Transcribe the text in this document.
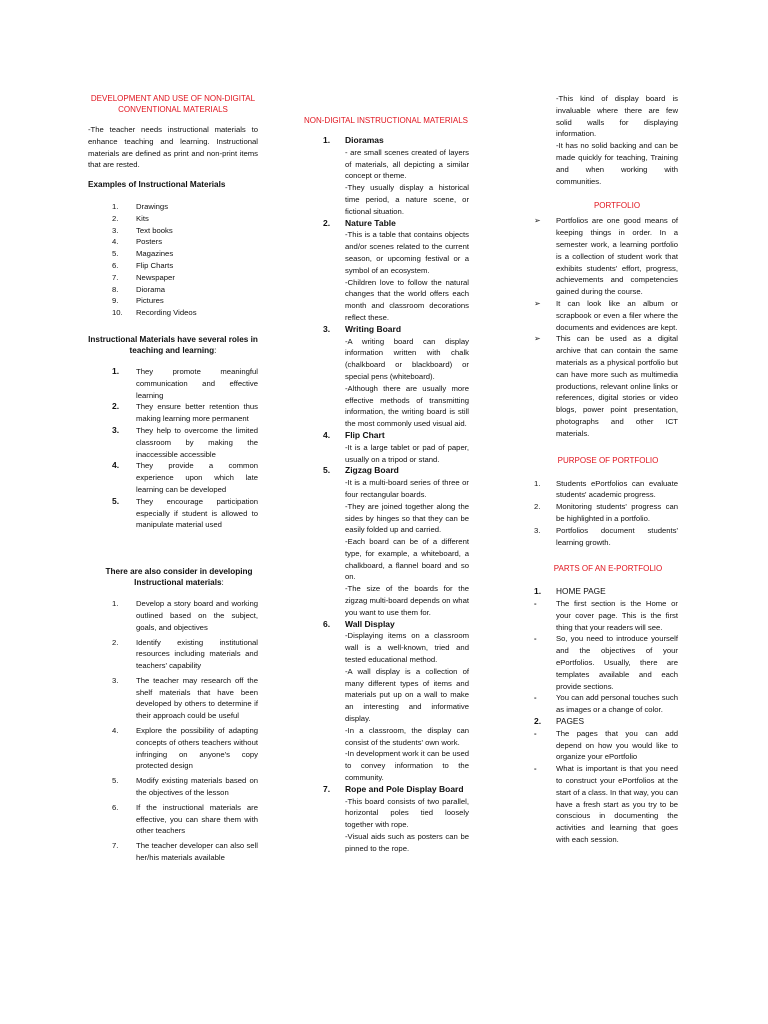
DEVELOPMENT AND USE OF NON-DIGITAL
CONVENTIONAL MATERIALS

-The teacher needs instructional materials to enhance teaching and learning. Instructional materials are defined as print and non-print items that are rested.

Examples of Instructional Materials

1. Drawings
2. Kits
3. Text books
4. Posters
5. Magazines
6. Flip Charts
7. Newspaper
8. Diorama
9. Pictures
10. Recording Videos
Instructional Materials have several roles in
teaching and learning:
1. They promote meaningful communication and effective learning
2. They ensure better retention thus making learning more permanent
3. They help to overcome the limited classroom by making the inaccessible accessible
4. They provide a common experience upon which late learning can be developed
5. They encourage participation especially if student is allowed to manipulate material used
There are also consider in developing
Instructional materials:
1. Develop a story board and working outlined based on the subject, goals, and objectives
2. Identify existing institutional resources including materials and teachers' capability
3. The teacher may research off the shelf materials that have been developed by others to determine if their approach could be useful
4. Explore the possibility of adapting concepts of others teachers without infringing on anyone's copy protected design
5. Modify existing materials based on the objectives of the lesson
6. If the instructional materials are effective, you can share them with other teachers
7. The teacher developer can also sell her/his materials available
NON-DIGITAL INSTRUCTIONAL MATERIALS
1. Dioramas

- are small scenes created of layers of materials, all depicting a similar concept or theme.
-They usually display a historical time period, a nature scene, or fictional situation.

2. Nature Table

-This is a table that contains objects and/or scenes related to the current season, or upcoming festival or a symbol of an ecosystem.
-Children love to follow the natural changes that the world offers each month and classroom decorations reflect these.

3. Writing Board

-A writing board can display information written with chalk (chalkboard or blackboard) or special pens (whiteboard).
-Although there are usually more effective methods of transmitting information, the writing board is still the most commonly used visual aid.

4. Flip Chart

-It is a large tablet or pad of paper, usually on a tripod or stand.

5. Zigzag Board

-It is a multi-board series of three or four rectangular boards.
-They are joined together along the sides by hinges so that they can be easily folded up and carried.
-Each board can be of a different type, for example, a whiteboard, a chalkboard, a flannel board and so on.
-The size of the boards for the zigzag multi-board depends on what you want to use them for.

6. Wall Display

-Displaying items on a classroom wall is a well-known, tried and tested educational method.
-A wall display is a collection of many different types of items and materials put up on a wall to make an interesting and informative display.
-In a classroom, the display can consist of the students' own work.
-In development work it can be used to convey information to the community.

7. Rope and Pole Display Board

-This board consists of two parallel, horizontal poles tied loosely together with rope.
-Visual aids such as posters can be pinned to the rope.

-This kind of display board is invaluable where there are few solid walls for displaying information.
-It has no solid backing and can be made quickly for teaching, Training and when working with communities.

PORTFOLIO
➢ Portfolios are one good means of keeping things in order. In a semester work, a learning portfolio is a collection of student work that exhibits students' effort, progress, achievements and competencies gained during the course.
➢ It can look like an album or scrapbook or even a filer where the documents and evidences are kept.
➢ This can be used as a digital archive that can contain the same materials as a physical portfolio but can have more such as multimedia productions, relevant online links or references, digital stories or video blogs, power point presentation, photographs and other ICT materials.
PURPOSE OF PORTFOLIO
1. Students ePortfolios can evaluate students' academic progress.
2. Monitoring students' progress can be highlighted in a portfolio.
3. Portfolios document students' learning growth.
PARTS OF AN E-PORTFOLIO
1. HOME PAGE
-	The first section is the Home or your cover page. This is the first thing that your readers will see.
-	So, you need to introduce yourself and the objectives of your ePortfolios. Usually, there are templates available and each provide sections.
-	You can add personal touches such as images or a change of color.
2. PAGES
-	The pages that you can add depend on how you would like to organize your ePortfolio
-	What is important is that you need to construct your ePortfolios at the start of a class. In that way, you can have a fresh start as you try to be conscious in documenting the activities and learning that goes with each session.
